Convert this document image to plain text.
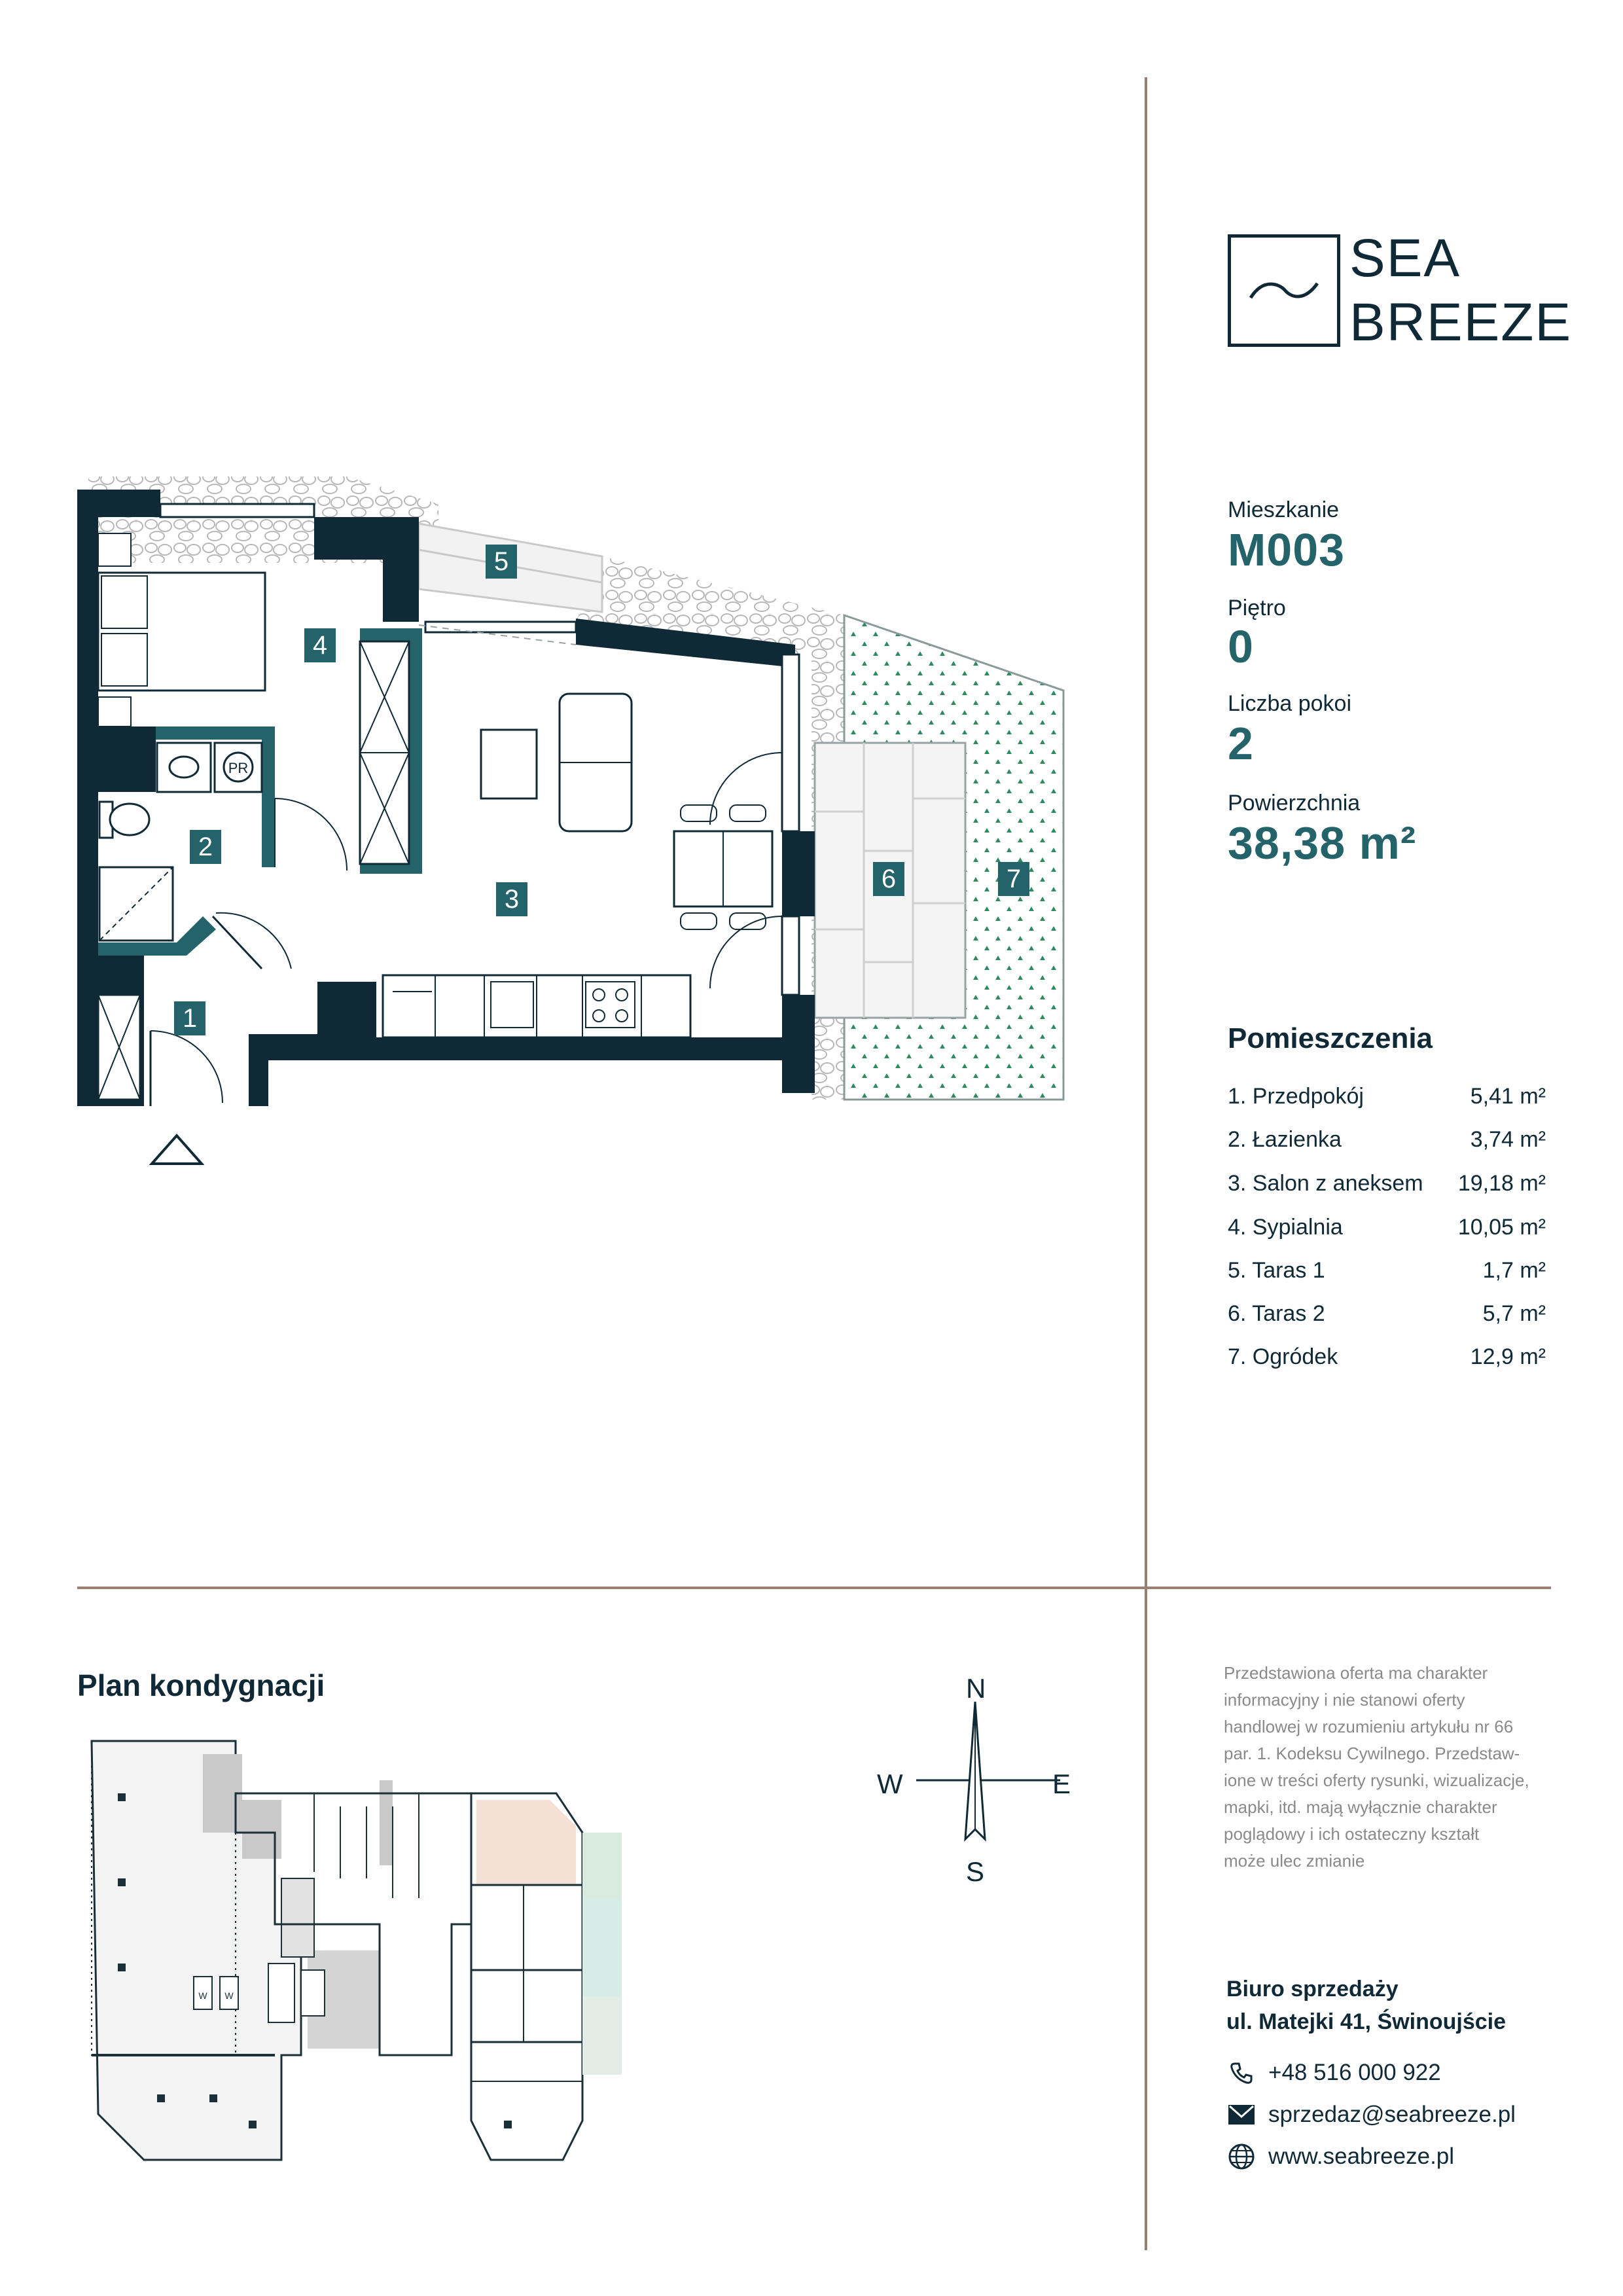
SEA
BREEZE
Mieszkanie
M003
Piętro
0
Liczba pokoi
2
Powierzchnia
38,38 m²
Pomieszczenia
1. Przedpokój	5,41 m²
2. Łazienka	3,74 m²
3. Salon z aneksem 19,18 m²
4. Sypialnia	10,05 m²
5. Taras 1	1,7 m²
6. Taras 2	5,7 m²
7. Ogródek	12,9 m²
PR
1
2
3
4
5
6	7
Plan kondygnacji
W W
N
S
E
W
Przedstawiona oferta ma charakter
informacyjny i nie stanowi oferty
handlowej w rozumieniu artykułu nr 66
par. 1. Kodeksu Cywilnego. Przedstaw-
ione w treści oferty rysunki, wizualizacje,
mapki, itd. mają wyłącznie charakter
poglądowy i ich ostateczny kształt
może ulec zmianie
Biuro sprzedaży
ul. Matejki 41, Świnoujście
+48 516 000 922
sprzedaz@seabreeze.pl
www.seabreeze.pl
